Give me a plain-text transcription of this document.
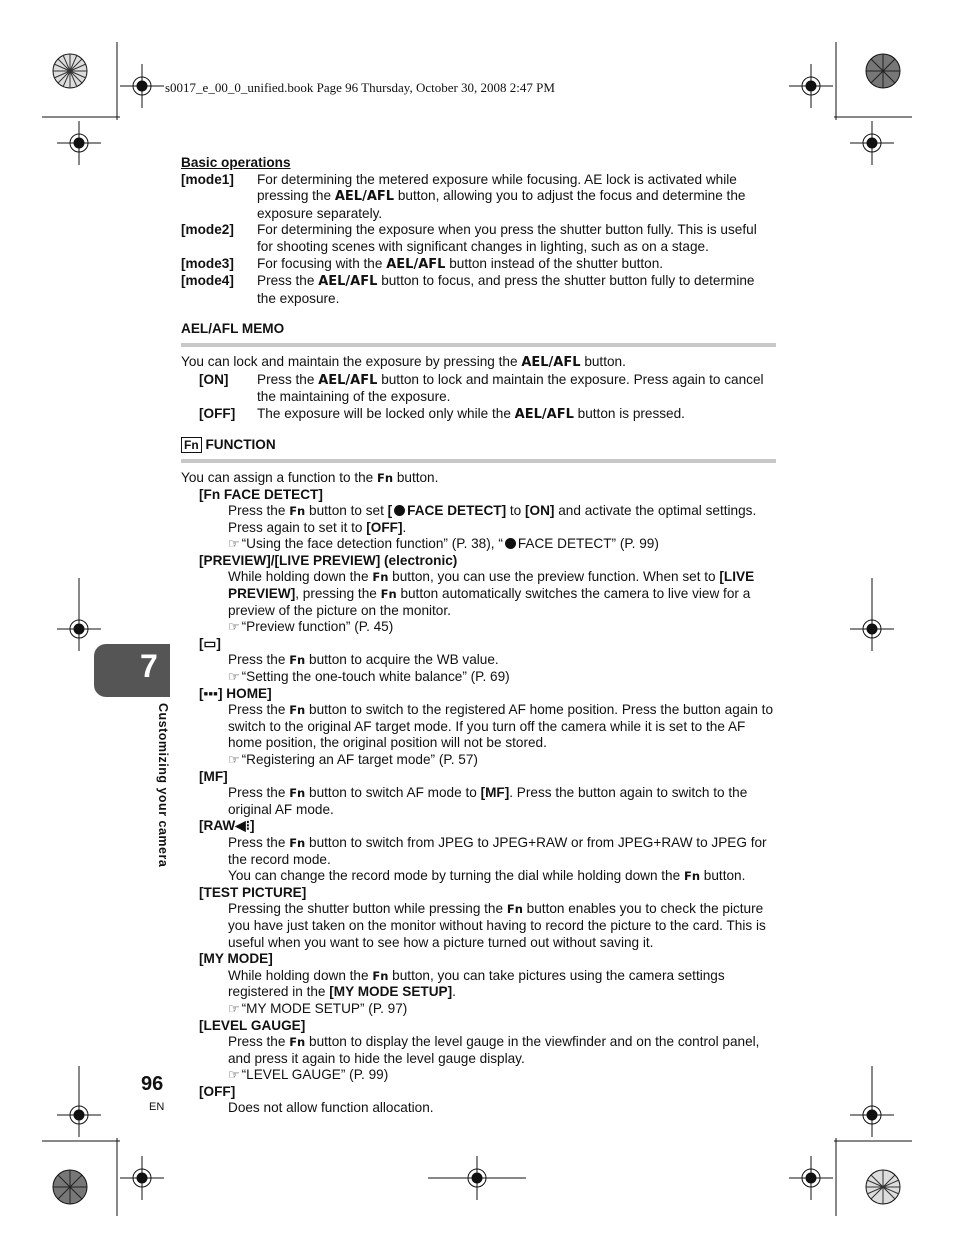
s0017_e_00_0_unified.book Page 96 Thursday, October 30, 2008 2:47 PM
7
Customizing your camera
96
EN
Basic operations
[mode1]	For determining the metered exposure while focusing. AE lock is activated while pressing the AEL/AFL button, allowing you to adjust the focus and determine the exposure separately.
[mode2]	For determining the exposure when you press the shutter button fully. This is useful for shooting scenes with significant changes in lighting, such as on a stage.
[mode3]	For focusing with the AEL/AFL button instead of the shutter button.
[mode4]	Press the AEL/AFL button to focus, and press the shutter button fully to determine the exposure.
AEL/AFL MEMO
You can lock and maintain the exposure by pressing the AEL/AFL button.
[ON]	Press the AEL/AFL button to lock and maintain the exposure. Press again to cancel the maintaining of the exposure.
[OFF]	The exposure will be locked only while the AEL/AFL button is pressed.
Fn FUNCTION
You can assign a function to the Fn button.
[Fn FACE DETECT]
Press the Fn button to set [ FACE DETECT] to [ON] and activate the optimal settings. Press again to set it to [OFF].
☞ “Using the face detection function” (P. 38), “ FACE DETECT” (P. 99)
[PREVIEW]/[LIVE PREVIEW] (electronic)
While holding down the Fn button, you can use the preview function. When set to [LIVE PREVIEW], pressing the Fn button automatically switches the camera to live view for a preview of the picture on the monitor.
☞ “Preview function” (P. 45)
[▭]
Press the Fn button to acquire the WB value.
☞ “Setting the one-touch white balance” (P. 69)
[▪▪▪] HOME]
Press the Fn button to switch to the registered AF home position. Press the button again to switch to the original AF target mode. If you turn off the camera while it is set to the AF home position, the original position will not be stored.
☞ “Registering an AF target mode” (P. 57)
[MF]
Press the Fn button to switch AF mode to [MF]. Press the button again to switch to the original AF mode.
[RAW◀⁝]
Press the Fn button to switch from JPEG to JPEG+RAW or from JPEG+RAW to JPEG for the record mode.
You can change the record mode by turning the dial while holding down the Fn button.
[TEST PICTURE]
Pressing the shutter button while pressing the Fn button enables you to check the picture you have just taken on the monitor without having to record the picture to the card. This is useful when you want to see how a picture turned out without saving it.
[MY MODE]
While holding down the Fn button, you can take pictures using the camera settings registered in the [MY MODE SETUP].
☞ “MY MODE SETUP” (P. 97)
[LEVEL GAUGE]
Press the Fn button to display the level gauge in the viewfinder and on the control panel, and press it again to hide the level gauge display.
☞ “LEVEL GAUGE” (P. 99)
[OFF]
Does not allow function allocation.
